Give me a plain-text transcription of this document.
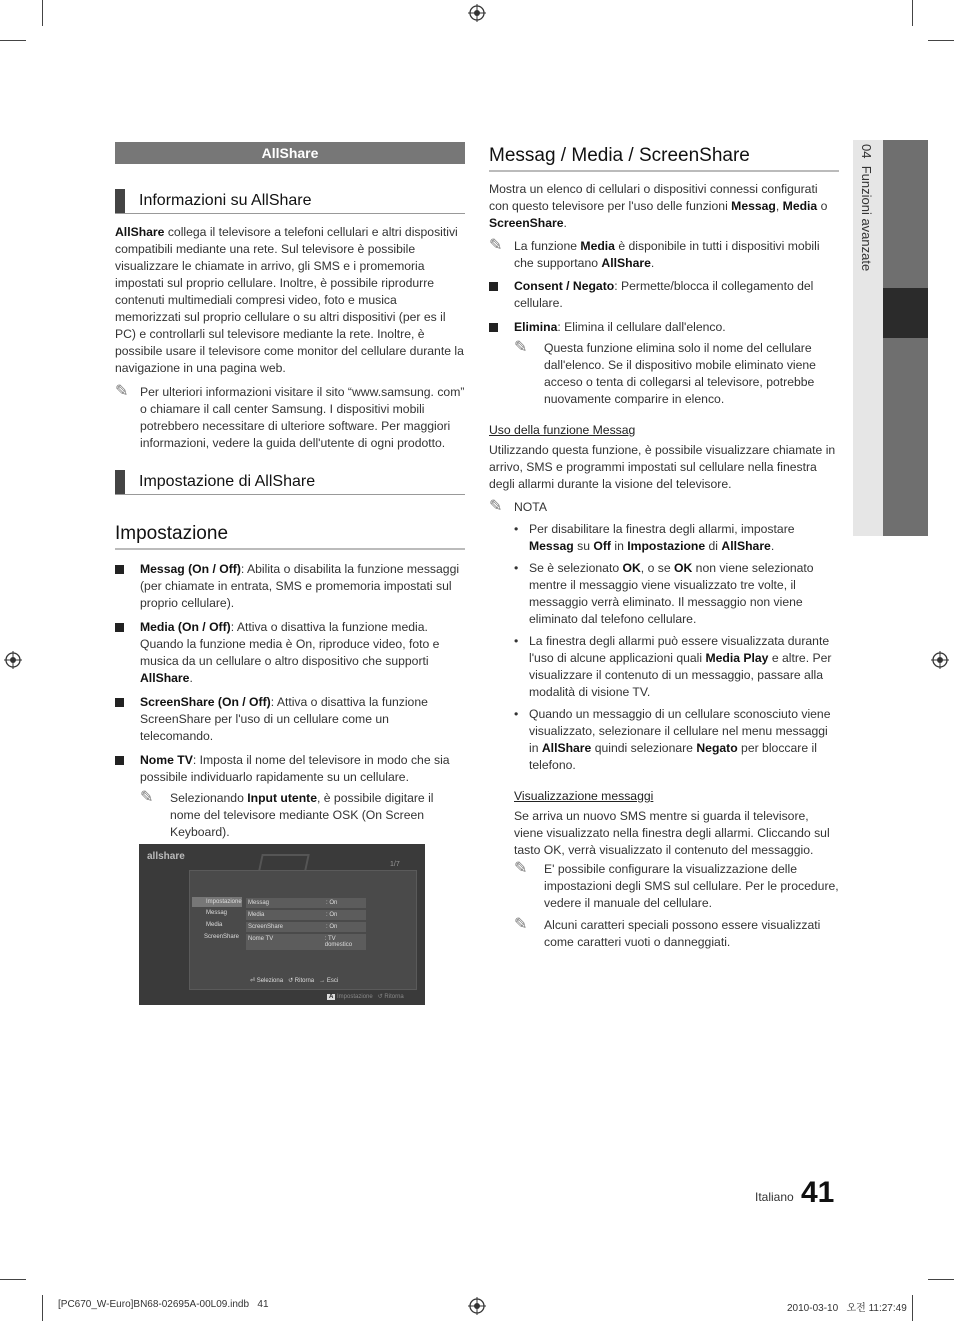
04  Funzioni avanzate
AllShare
Informazioni su AllShare

AllShare collega il televisore a telefoni cellulari e altri dispositivi compatibili mediante una rete. Sul televisore è possibile visualizzare le chiamate in arrivo, gli SMS e i promemoria impostati sul proprio cellulare. Inoltre, è possibile riprodurre contenuti multimediali compresi video, foto e musica memorizzati sul proprio cellulare o su altri dispositivi (per es il PC) e controllarli sul televisore mediante la rete. Inoltre, è possibile usare il televisore come monitor del cellulare durante la navigazione in una pagina web.

✎ Per ulteriori informazioni visitare il sito “www.samsung. com” o chiamare il call center Samsung. I dispositivi mobili potrebbero necessitare di ulteriore software. Per maggiori informazioni, vedere la guida dell'utente di ogni prodotto.
Impostazione di AllShare
Impostazione
Messag (On / Off): Abilita o disabilita la funzione messaggi (per chiamate in entrata, SMS e promemoria impostati sul proprio cellulare).
Media (On / Off): Attiva o disattiva la funzione media. Quando la funzione media è On, riproduce video, foto e musica da un cellulare o altro dispositivo che supporti AllShare.
ScreenShare (On / Off): Attiva o disattiva la funzione ScreenShare per l'uso di un cellulare come un telecomando.
Nome TV: Imposta il nome del televisore in modo che sia possibile individuarlo rapidamente su un cellulare.
✎	Selezionando Input utente, è possibile digitare il nome del televisore mediante OSK (On Screen Keyboard).
allshare
1/7
Impostazione
Messag
Media
ScreenShare
Messag	: On
Media	: On
ScreenShare	: On
Nome TV	: TV domestico
⏎ Seleziona ↺ Ritorna → Esci
A Impostazione ↺ Ritorna
Messag / Media / ScreenShare

Mostra un elenco di cellulari o dispositivi connessi configurati con questo televisore per l'uso delle funzioni Messag, Media o ScreenShare.

✎ La funzione Media è disponibile in tutti i dispositivi mobili che supportano AllShare.
Consent / Negato: Permette/blocca il collegamento del cellulare.
Elimina: Elimina il cellulare dall'elenco.
✎	Questa funzione elimina solo il nome del cellulare dall'elenco. Se il dispositivo mobile eliminato viene acceso o tenta di collegarsi al televisore, potrebbe nuovamente comparire in elenco.
Uso della funzione Messag

Utilizzando questa funzione, è possibile visualizzare chiamate in arrivo, SMS e programmi impostati sul cellulare nella finestra degli allarmi durante la visione del televisore.

✎ NOTA
• Per disabilitare la finestra degli allarmi, impostare Messag su Off in Impostazione di AllShare.
• Se è selezionato OK, o se OK non viene selezionato mentre il messaggio viene visualizzato tre volte, il messaggio verrà eliminato. Il messaggio non viene eliminato dal telefono cellulare.
• La finestra degli allarmi può essere visualizzata durante l'uso di alcune applicazioni quali Media Play e altre. Per visualizzare il contenuto di un messaggio, passare alla modalità di visione TV.
• Quando un messaggio di un cellulare sconosciuto viene visualizzato, selezionare il cellulare nel menu messaggi in AllShare quindi selezionare Negato per bloccare il telefono.
Visualizzazione messaggi

Se arriva un nuovo SMS mentre si guarda il televisore, viene visualizzato nella finestra degli allarmi. Cliccando sul tasto OK, verrà visualizzato il contenuto del messaggio.

✎	E' possibile configurare la visualizzazione delle impostazioni degli SMS sul cellulare. Per le procedure, vedere il manuale del cellulare.
✎	Alcuni caratteri speciali possono essere visualizzati come caratteri vuoti o danneggiati.
Italiano 41
[PC670_W-Euro]BN68-02695A-00L09.indb   41	2010-03-10   오전 11:27:49
